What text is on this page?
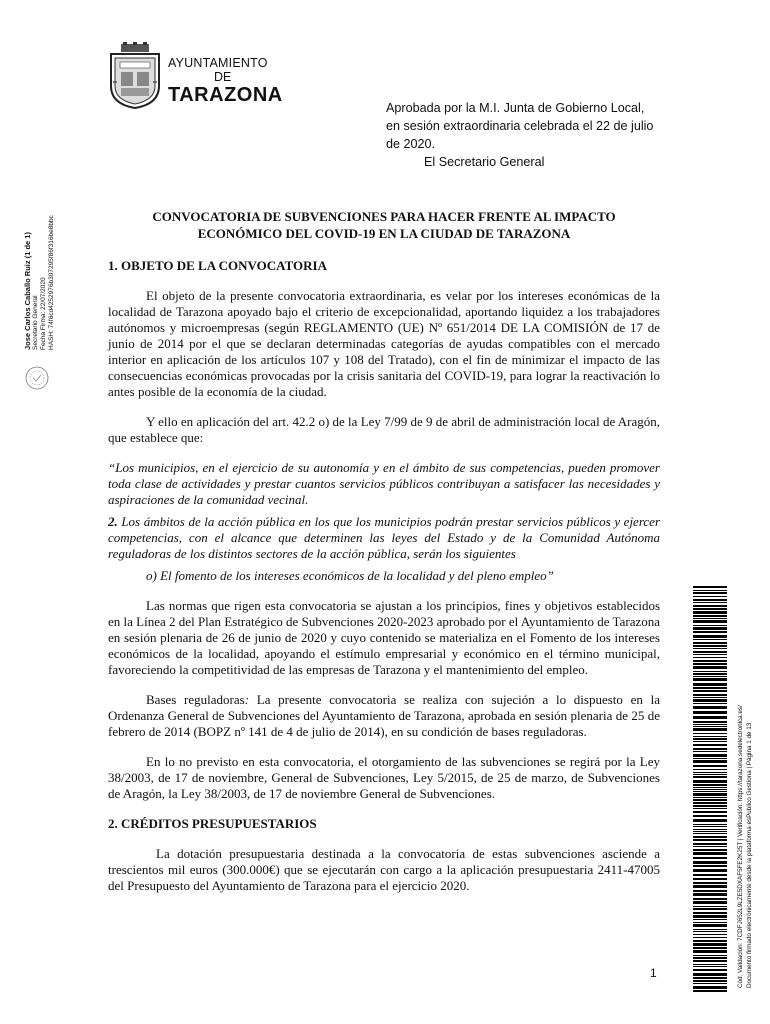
AYUNTAMIENTO
DE
TARAZONA
Aprobada por la M.I. Junta de Gobierno Local,
en sesión extraordinaria celebrada el 22 de julio
de 2020.

El Secretario General
Jose Carlos Caballo Ruiz (1 de 1) Secretario General Fecha Firma: 22/07/2020 HASH: 74f6cd4252976b307295f86f316be8bbc
Cód. Validación: 7CDFJ652L9LZE5DXAF5FE2K25T | Verificación: https://tarazona.sedelectronica.es/ Documento firmado electrónicamente desde la plataforma esPublico Gestiona | Página 1 de 13
CONVOCATORIA DE SUBVENCIONES PARA HACER FRENTE AL IMPACTO
ECONÓMICO DEL COVID-19 EN LA CIUDAD DE TARAZONA
1. OBJETO DE LA CONVOCATORIA

El objeto de la presente convocatoria extraordinaria, es velar por los intereses económicas de la localidad de Tarazona apoyado bajo el criterio de excepcionalidad, aportando liquidez a los trabajadores autónomos y microempresas (según REGLAMENTO (UE) Nº 651/2014 DE LA COMISIÓN de 17 de junio de 2014 por el que se declaran determinadas categorías de ayudas compatibles con el mercado interior en aplicación de los artículos 107 y 108 del Tratado), con el fin de minimizar el impacto de las consecuencias económicas provocadas por la crisis sanitaria del COVID-19, para lograr la reactivación lo antes posible de la economía de la ciudad.

Y ello en aplicación del art. 42.2 o) de la Ley 7/99 de 9 de abril de administración local de Aragón, que establece que:

“Los municipios, en el ejercicio de su autonomía y en el ámbito de sus competencias, pueden promover toda clase de actividades y prestar cuantos servicios públicos contribuyan a satisfacer las necesidades y aspiraciones de la comunidad vecinal.

2. Los ámbitos de la acción pública en los que los municipios podrán prestar servicios públicos y ejercer competencias, con el alcance que determinen las leyes del Estado y de la Comunidad Autónoma reguladoras de los distintos sectores de la acción pública, serán los siguientes

o) El fomento de los intereses económicos de la localidad y del pleno empleo”

Las normas que rigen esta convocatoria se ajustan a los principios, fines y objetivos establecidos en la Línea 2 del Plan Estratégico de Subvenciones 2020-2023 aprobado por el Ayuntamiento de Tarazona en sesión plenaria de 26 de junio de 2020 y cuyo contenido se materializa en el Fomento de los intereses económicos de la localidad, apoyando el estímulo empresarial y económico en el término municipal, favoreciendo la competitividad de las empresas de Tarazona y el mantenimiento del empleo.

Bases reguladoras: La presente convocatoria se realiza con sujeción a lo dispuesto en la Ordenanza General de Subvenciones del Ayuntamiento de Tarazona, aprobada en sesión plenaria de 25 de febrero de 2014 (BOPZ nº 141 de 4 de julio de 2014), en su condición de bases reguladoras.

En lo no previsto en esta convocatoria, el otorgamiento de las subvenciones se regirá por la Ley 38/2003, de 17 de noviembre, General de Subvenciones, Ley 5/2015, de 25 de marzo, de Subvenciones de Aragón, la Ley 38/2003, de 17 de noviembre General de Subvenciones.

2. CRÉDITOS PRESUPUESTARIOS

La dotación presupuestaria destinada a la convocatoria de estas subvenciones asciende a trescientos mil euros (300.000€) que se ejecutarán con cargo a la aplicación presupuestaria 2411-47005 del Presupuesto del Ayuntamiento de Tarazona para el ejercicio 2020.

1
